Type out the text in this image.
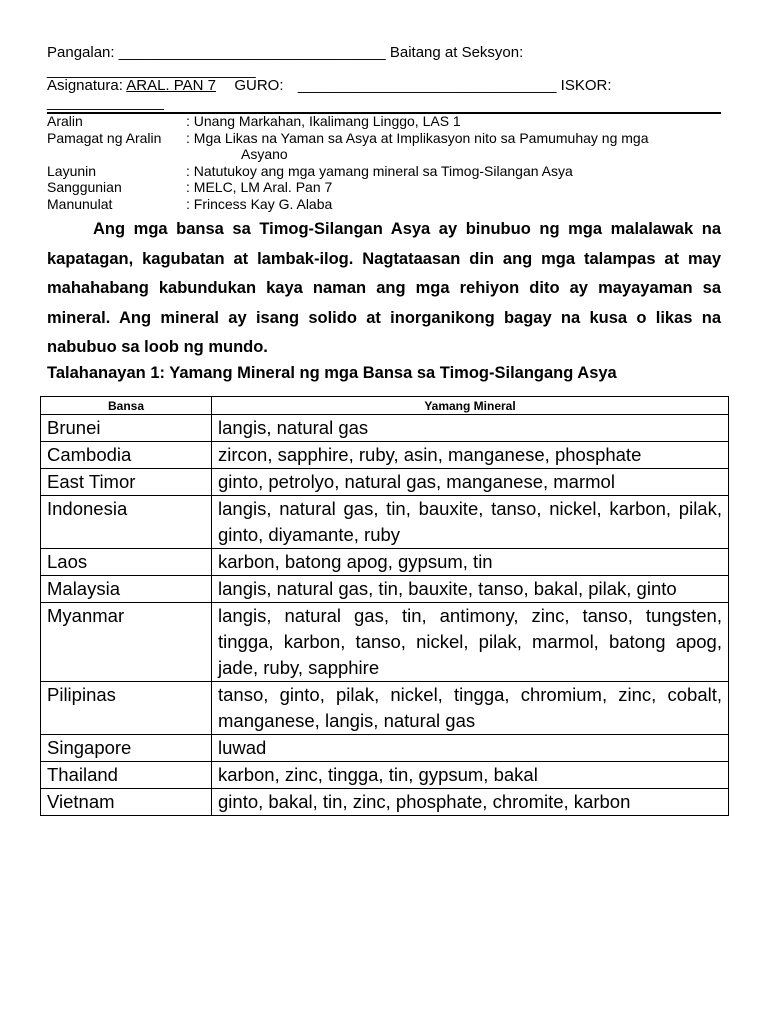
Pangalan: ________________________________ Baitang at Seksyon:
_________________________
Asignatura: ARAL. PAN 7 GURO: _______________________________ ISKOR:
______________
Aralin	: Unang Markahan, Ikalimang Linggo, LAS 1
Pamagat ng Aralin	: Mga Likas na Yaman sa Asya at Implikasyon nito sa Pamumuhay ng mga
Asyano
Layunin	: Natutukoy ang mga yamang mineral sa Timog-Silangan Asya
Sanggunian	: MELC, LM Aral. Pan 7
Manunulat	: Frincess Kay G. Alaba

Ang mga bansa sa Timog-Silangan Asya ay binubuo ng mga malalawak na kapatagan, kagubatan at lambak-ilog. Nagtataasan din ang mga talampas at may mahahabang kabundukan kaya naman ang mga rehiyon dito ay mayayaman sa mineral. Ang mineral ay isang solido at inorganikong bagay na kusa o likas na nabubuo sa loob ng mundo.

Talahanayan 1: Yamang Mineral ng mga Bansa sa Timog-Silangang Asya
Bansa	Yamang Mineral
Brunei	langis, natural gas
Cambodia	zircon, sapphire, ruby, asin, manganese, phosphate
East Timor	ginto, petrolyo, natural gas, manganese, marmol
Indonesia	langis, natural gas, tin, bauxite, tanso, nickel, karbon, pilak, ginto, diyamante, ruby
Laos	karbon, batong apog, gypsum, tin
Malaysia	langis, natural gas, tin, bauxite, tanso, bakal, pilak, ginto
Myanmar	langis, natural gas, tin, antimony, zinc, tanso, tungsten, tingga, karbon, tanso, nickel, pilak, marmol, batong apog, jade, ruby, sapphire
Pilipinas	tanso, ginto, pilak, nickel, tingga, chromium, zinc, cobalt, manganese, langis, natural gas
Singapore	luwad
Thailand	karbon, zinc, tingga, tin, gypsum, bakal
Vietnam	ginto, bakal, tin, zinc, phosphate, chromite, karbon
